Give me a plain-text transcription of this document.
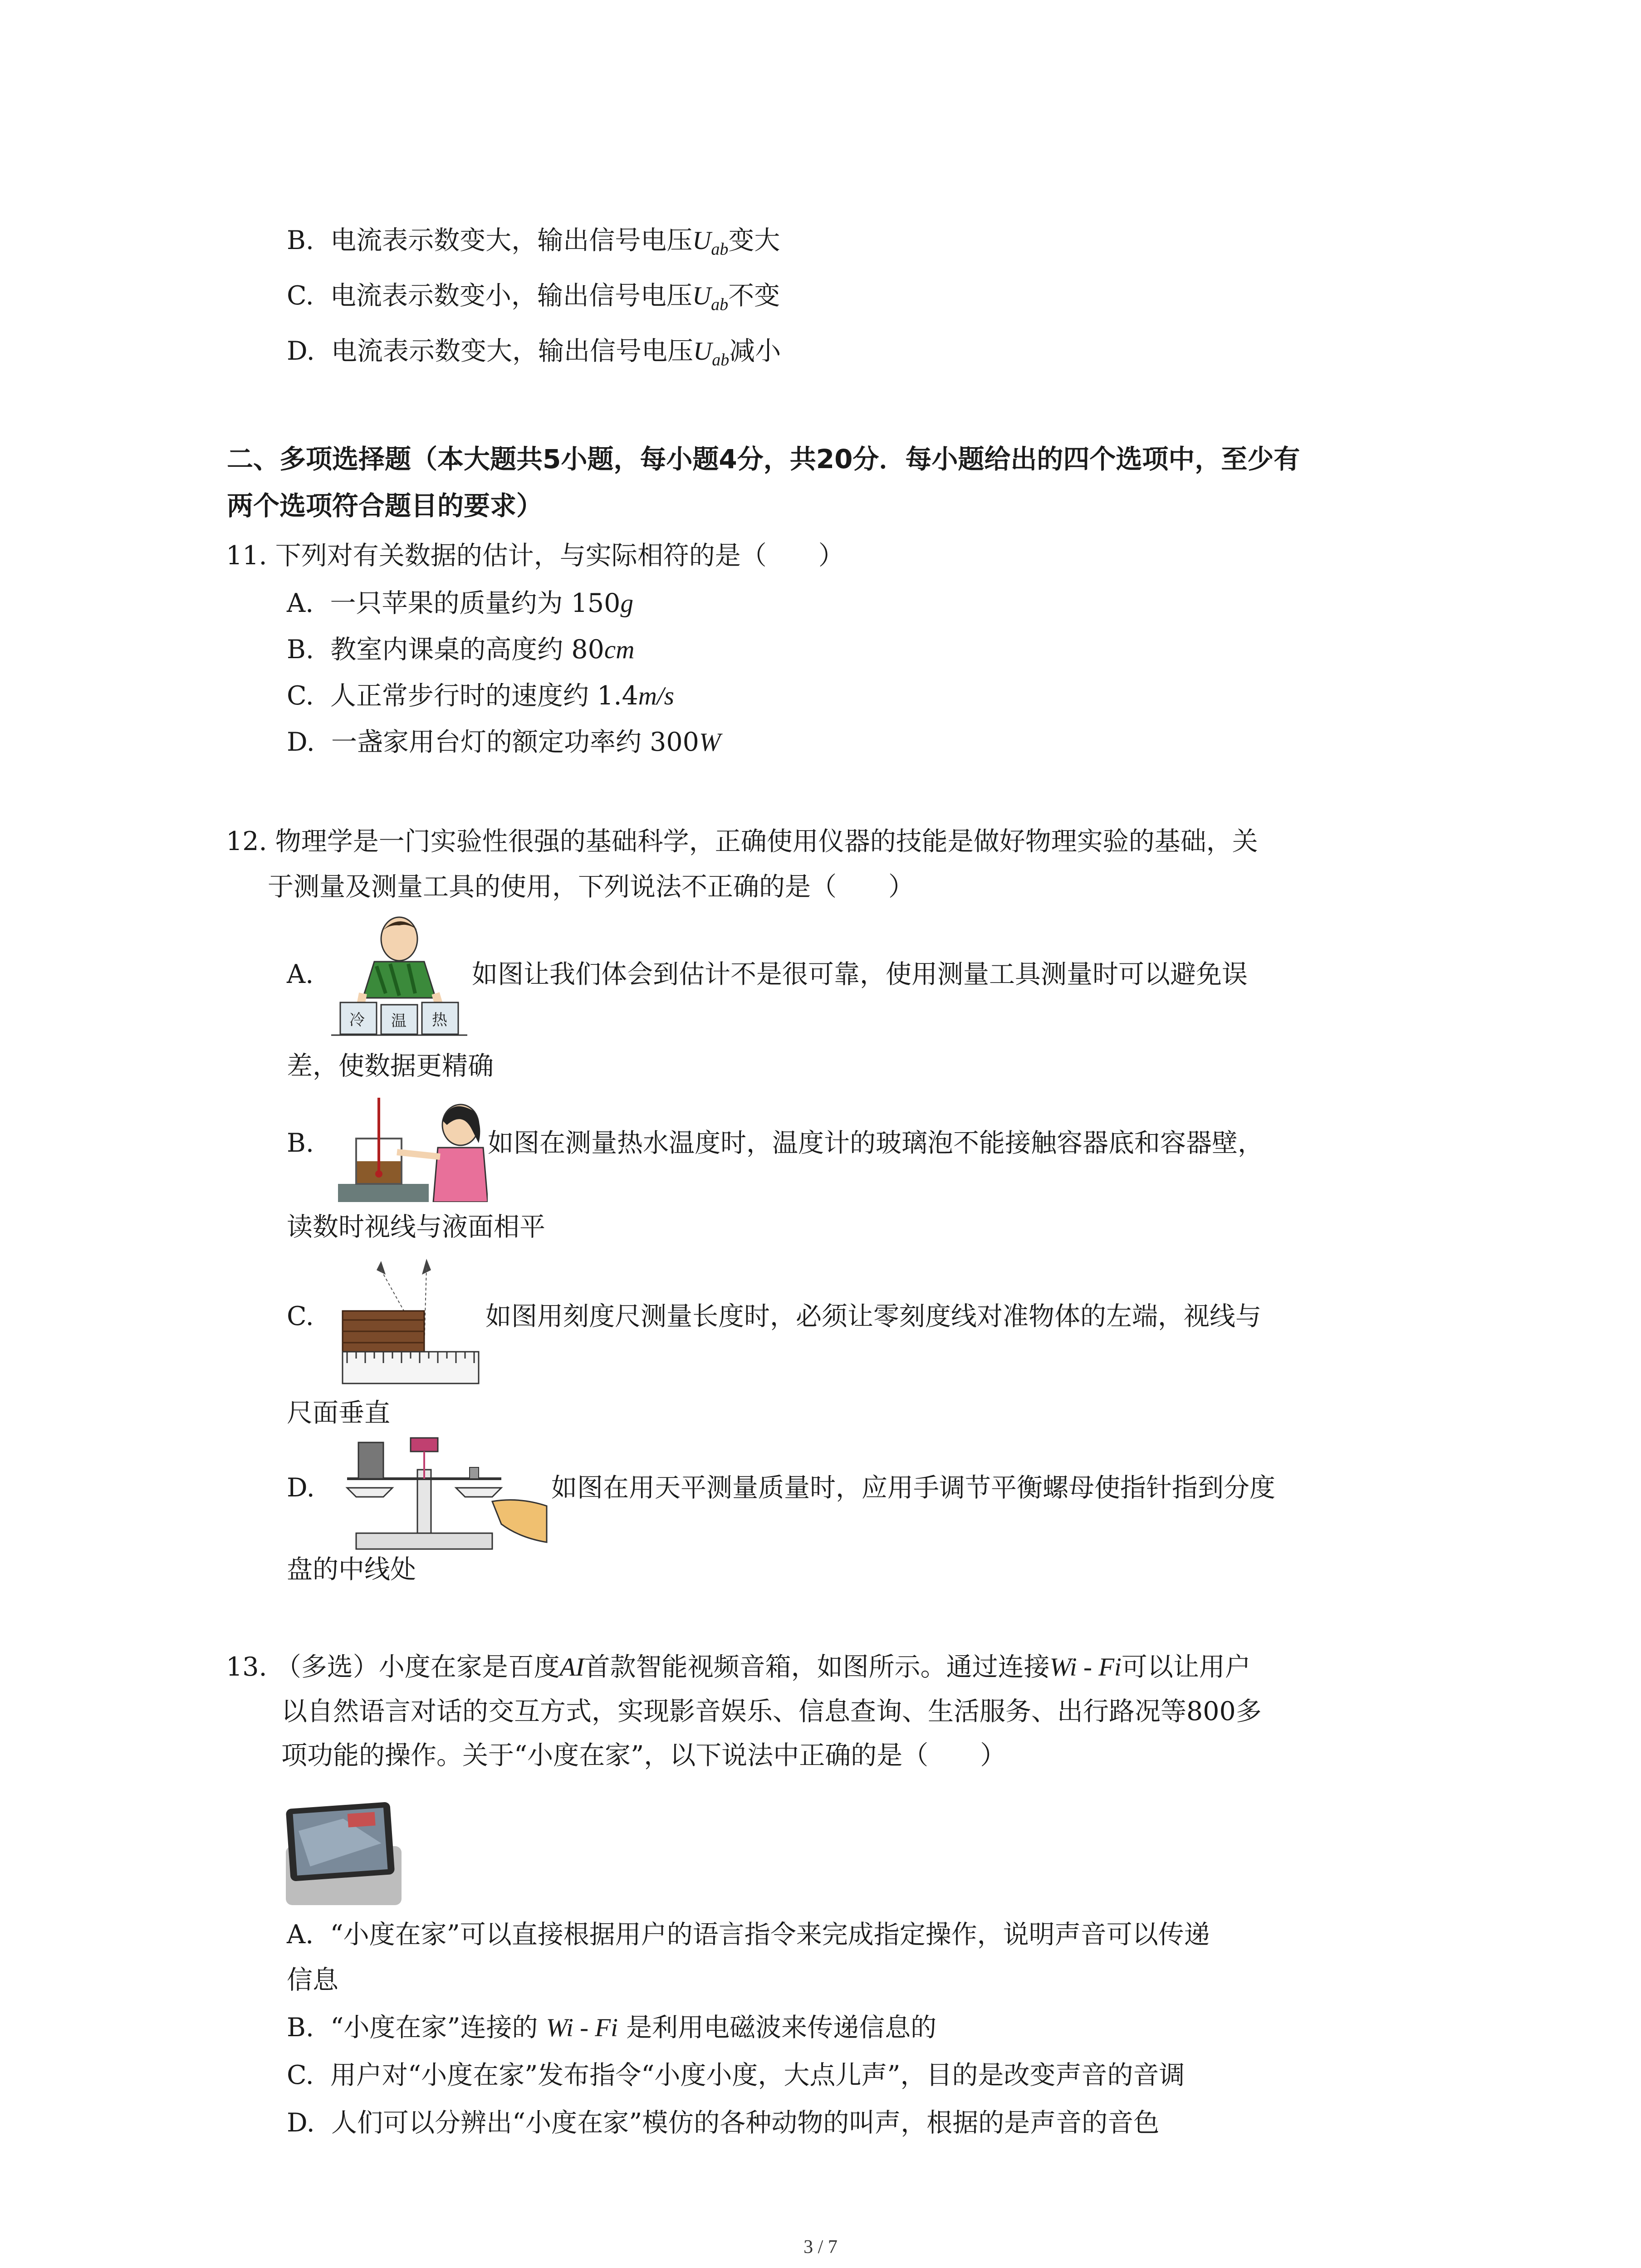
B.  电流表示数变大，输出信号电压$U_{ab}$变大
C.  电流表示数变小，输出信号电压$U_{ab}$不变
D.  电流表示数变大，输出信号电压$U_{ab}$减小
二、多项选择题（本大题共5小题，每小题4分，共20分．每小题给出的四个选项中，至少有
两个选项符合题目的要求）
11. 下列对有关数据的估计，与实际相符的是（　　）
A.  一只苹果的质量约为 150g
B.  教室内课桌的高度约 80cm
C.  人正常步行时的速度约 1.4m/s
D.  一盏家用台灯的额定功率约 300W
12. 物理学是一门实验性很强的基础科学，正确使用仪器的技能是做好物理实验的基础，关
于测量及测量工具的使用，下列说法不正确的是（　　）
A.
冷 温 热
如图让我们体会到估计不是很可靠，使用测量工具测量时可以避免误
差，使数据更精确
B.	如图在测量热水温度时，温度计的玻璃泡不能接触容器底和容器壁，
读数时视线与液面相平
C.	如图用刻度尺测量长度时，必须让零刻度线对准物体的左端，视线与
尺面垂直
D.	如图在用天平测量质量时，应用手调节平衡螺母使指针指到分度
盘的中线处
13. （多选）小度在家是百度AI首款智能视频音箱，如图所示。通过连接Wi - Fi可以让用户
以自然语言对话的交互方式，实现影音娱乐、信息查询、生活服务、出行路况等800多
项功能的操作。关于“小度在家”，以下说法中正确的是（　　）
A.  “小度在家”可以直接根据用户的语言指令来完成指定操作，说明声音可以传递
信息
B.  “小度在家”连接的 Wi - Fi 是利用电磁波来传递信息的
C.  用户对“小度在家”发布指令“小度小度，大点儿声”，目的是改变声音的音调
D.  人们可以分辨出“小度在家”模仿的各种动物的叫声，根据的是声音的音色
3 / 7
